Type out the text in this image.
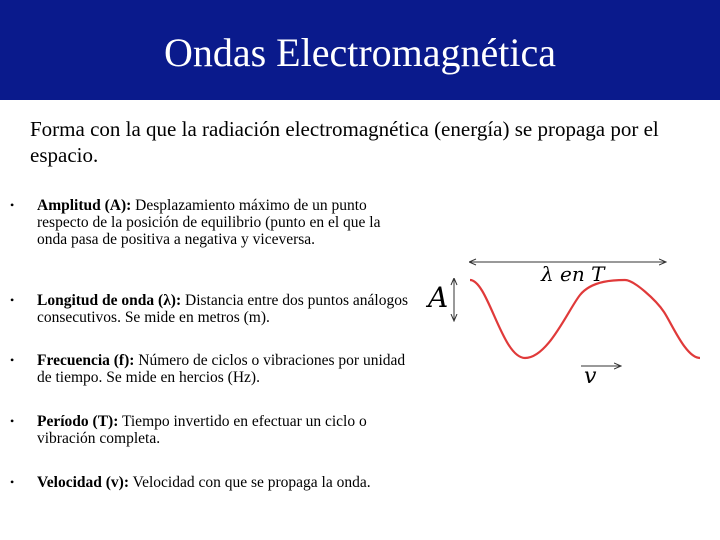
Ondas Electromagnética
Forma con la que la radiación electromagnética (energía) se propaga por el espacio.
• Amplitud (A): Desplazamiento máximo de un punto respecto de la posición de equilibrio (punto en el que la onda pasa de positiva a negativa y viceversa.
• Longitud de onda (λ): Distancia entre dos puntos análogos consecutivos. Se mide en metros (m).
• Frecuencia (f): Número de ciclos o vibraciones por unidad de tiempo. Se mide en hercios (Hz).
• Período (T): Tiempo invertido en efectuar un ciclo o vibración completa.
• Velocidad (v): Velocidad con que se propaga la onda.
A
λ en T
v
